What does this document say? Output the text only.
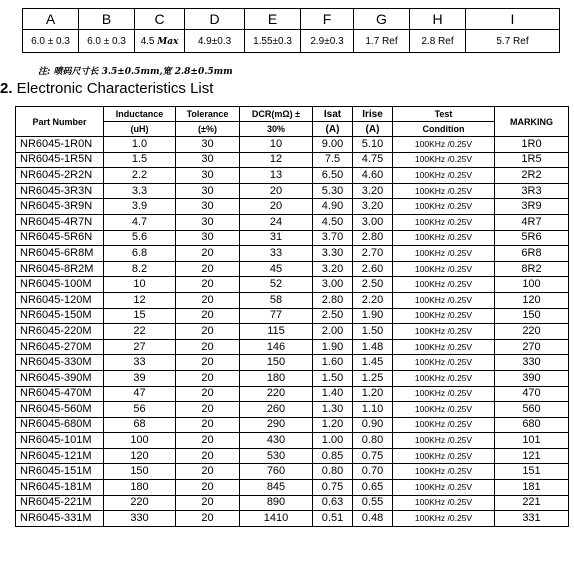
A	B	C	D	E	F	G	H	I
6.0 ± 0.3	6.0 ± 0.3	4.5 Max	4.9±0.3	1.55±0.3	2.9±0.3	1.7 Ref	2.8 Ref	5.7 Ref
注: 喷码尺寸长 3.5±0.5mm,宽 2.8±0.5mm
2. Electronic Characteristics List
Part Number	Inductance	Tolerance	DCR(mΩ) ±	Isat	Irise	Test	MARKING
	(uH)	(±%)	30%	(A)	(A)	Condition	
NR6045-1R0N	1.0	30	10	9.00	5.10	100KHz /0.25V	1R0
NR6045-1R5N	1.5	30	12	7.5	4.75	100KHz /0.25V	1R5
NR6045-2R2N	2.2	30	13	6.50	4.60	100KHz /0.25V	2R2
NR6045-3R3N	3.3	30	20	5.30	3.20	100KHz /0.25V	3R3
NR6045-3R9N	3.9	30	20	4.90	3.20	100KHz /0.25V	3R9
NR6045-4R7N	4.7	30	24	4.50	3.00	100KHz /0.25V	4R7
NR6045-5R6N	5.6	30	31	3.70	2.80	100KHz /0.25V	5R6
NR6045-6R8M	6.8	20	33	3.30	2.70	100KHz /0.25V	6R8
NR6045-8R2M	8.2	20	45	3.20	2.60	100KHz /0.25V	8R2
NR6045-100M	10	20	52	3.00	2.50	100KHz /0.25V	100
NR6045-120M	12	20	58	2.80	2.20	100KHz /0.25V	120
NR6045-150M	15	20	77	2.50	1.90	100KHz /0.25V	150
NR6045-220M	22	20	115	2.00	1.50	100KHz /0.25V	220
NR6045-270M	27	20	146	1.90	1.48	100KHz /0.25V	270
NR6045-330M	33	20	150	1.60	1.45	100KHz /0.25V	330
NR6045-390M	39	20	180	1.50	1.25	100KHz /0.25V	390
NR6045-470M	47	20	220	1.40	1.20	100KHz /0.25V	470
NR6045-560M	56	20	260	1.30	1.10	100KHz /0.25V	560
NR6045-680M	68	20	290	1.20	0.90	100KHz /0.25V	680
NR6045-101M	100	20	430	1.00	0.80	100KHz /0.25V	101
NR6045-121M	120	20	530	0.85	0.75	100KHz /0.25V	121
NR6045-151M	150	20	760	0.80	0.70	100KHz /0.25V	151
NR6045-181M	180	20	845	0.75	0.65	100KHz /0.25V	181
NR6045-221M	220	20	890	0.63	0.55	100KHz /0.25V	221
NR6045-331M	330	20	1410	0.51	0.48	100KHz /0.25V	331
